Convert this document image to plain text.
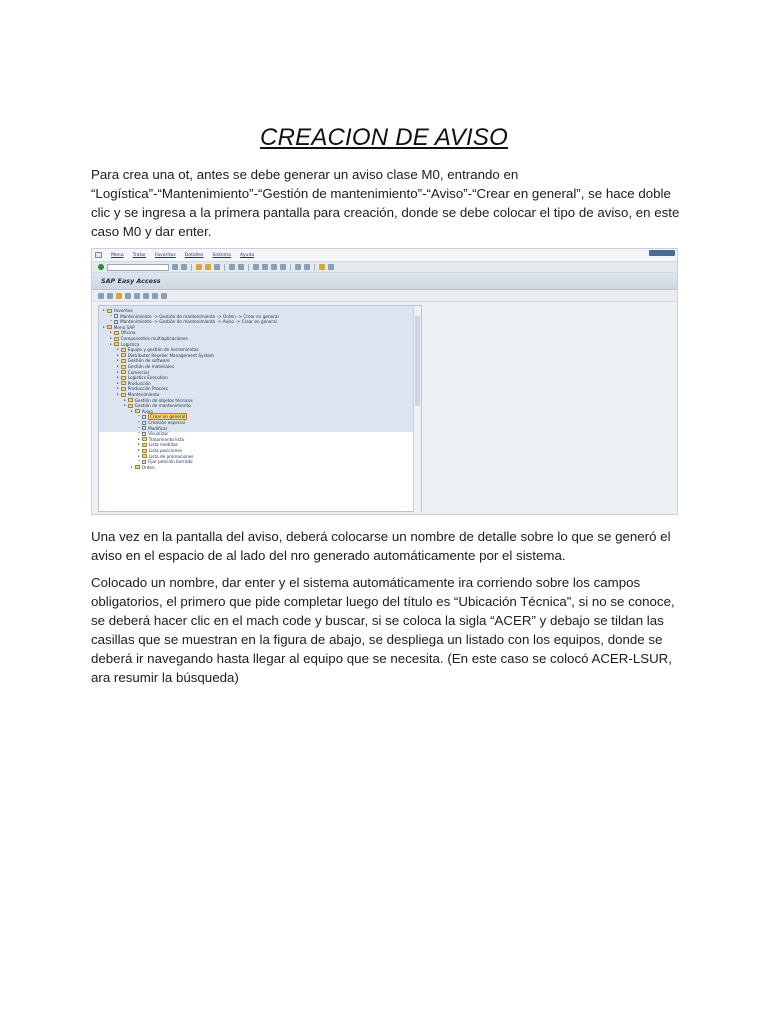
CREACION DE AVISO

Para crea una ot, antes se debe generar un aviso clase M0, entrando en “Logística”-“Mantenimiento”-“Gestión de mantenimiento”-“Aviso”-“Crear en general”, se hace doble clic y se ingresa a la primera pantalla para creación, donde se debe colocar el tipo de aviso, en este caso M0 y dar enter.

Menú Tratar Favoritos Detalles Sistema Ayuda
SAP Easy Access
▸ Favoritos
• Mantenimiento -> Gestión de mantenimiento -> Orden -> Crear en general
• Mantenimiento -> Gestión de mantenimiento -> Aviso -> Crear en general
▸ Menú SAP
▸ Oficina
▸ Componentes multiaplicaciones
▸ Logística
▸ Equipo y gestión de herramientas
▸ Distributor Reseller Management System
▸ Gestión de software
▸ Gestión de materiales
▸ Comercial
▸ Logistics Execution
▸ Producción
▸ Producción Process
▸ Mantenimiento
▸ Gestión de objetos técnicos
▸ Gestión de mantenimiento
▸ Aviso
•	Crear en general
• Creación especial
• Modificar
• Visualizar
▸ Tratamiento lista
▸ Lista medidas
▸ Lista posiciones
▸ Lista de promociones
• Fijar petición borrado
▸ Orden

Una vez en la pantalla del aviso, deberá colocarse un nombre de detalle sobre lo que se generó el aviso en el espacio de al lado del nro generado automáticamente por el sistema.

Colocado un nombre, dar enter y el sistema automáticamente ira corriendo sobre los campos obligatorios, el primero que pide completar luego del título es “Ubicación Técnica”, si no se conoce, se deberá hacer clic en el mach code y buscar, si se coloca la sigla “ACER” y debajo se tildan las casillas que se muestran en la figura de abajo, se despliega un listado con los equipos, donde se deberá ir navegando hasta llegar al equipo que se necesita. (En este caso se colocó ACER-LSUR, ara resumir la búsqueda)
